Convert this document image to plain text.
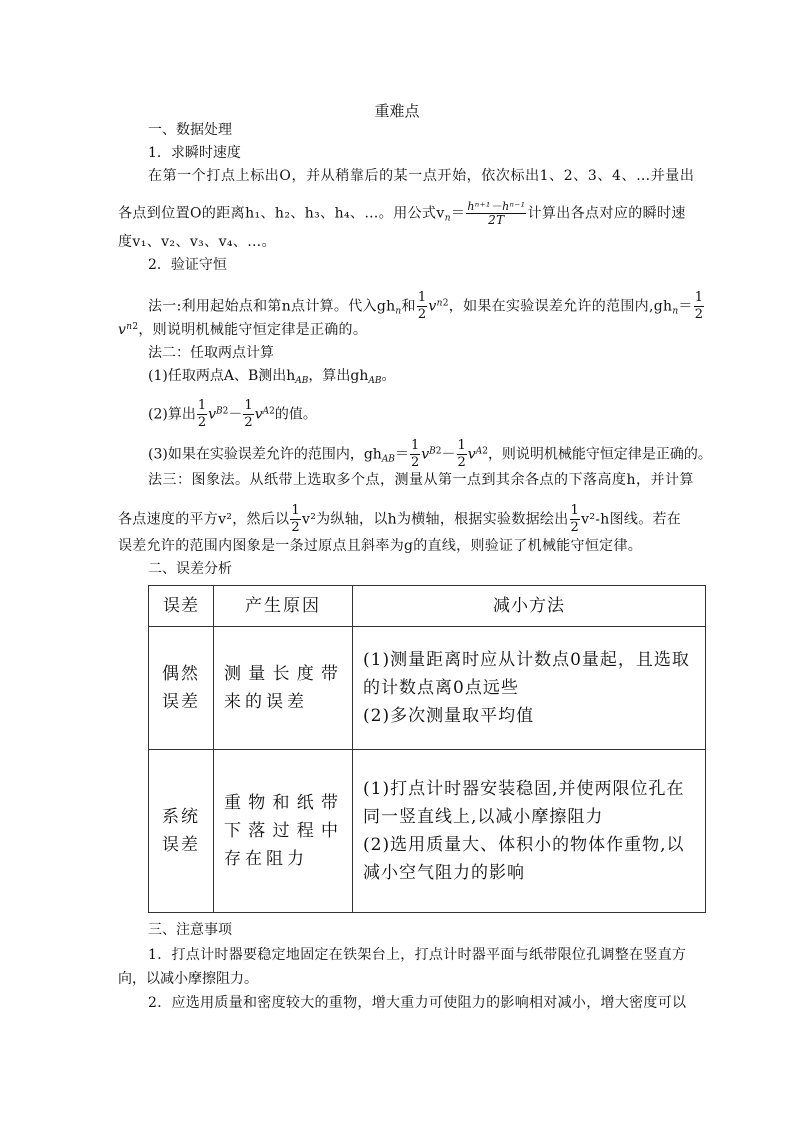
重难点
一、数据处理
1．求瞬时速度
在第一个打点上标出O，并从稍靠后的某一点开始，依次标出1、2、3、4、…并量出
各点到位置O的距离h₁、h₂、h₃、h₄、…。用公式$v_n= \frac{\text{hⁿ⁺¹－hⁿ⁻¹}}{2T}$ 计算出各点对应的瞬时速
度v₁、v₂、v₃、v₄、…。
2．验证守恒
法一:利用起始点和第n点计算。代入$gh_n$和 $\frac{1}{2} v^{n2}$，如果在实验误差允许的范围内$,gh_n= \frac{1}{2}$
$v^{n2}$，则说明机械能守恒定律是正确的。
法二：任取两点计算
(1)任取两点A、B测出$h_{AB}$，算出$gh_{AB}$。
(2)算出 $\frac{1}{2} v^{B2}- \frac{1}{2} v^{A2}$的值。
(3)如果在实验误差允许的范围内，$gh_{AB}= \frac{1}{2} v^{B2}- \frac{1}{2} v^{A2}$，则说明机械能守恒定律是正确的。
法三：图象法。从纸带上选取多个点，测量从第一点到其余各点的下落高度h，并计算
各点速度的平方v²，然后以 $\frac{1}{2} v^2$为纵轴，以h为横轴，根据实验数据绘出 $\frac{1}{2} v^2-h$图线。若在
误差允许的范围内图象是一条过原点且斜率为g的直线，则验证了机械能守恒定律。
二、误差分析
误差	产生原因	减小方法
偶然误差	测量长度带来的误差	(1)测量距离时应从计数点0量起，且选取的计数点离0点远些
(2)多次测量取平均值
系统误差	重物和纸带下落过程中存在阻力	(1)打点计时器安装稳固,并使两限位孔在同一竖直线上,以减小摩擦阻力
(2)选用质量大、体积小的物体作重物,以减小空气阻力的影响
三、注意事项
1．打点计时器要稳定地固定在铁架台上，打点计时器平面与纸带限位孔调整在竖直方
向，以减小摩擦阻力。
2．应选用质量和密度较大的重物，增大重力可使阻力的影响相对减小，增大密度可以
